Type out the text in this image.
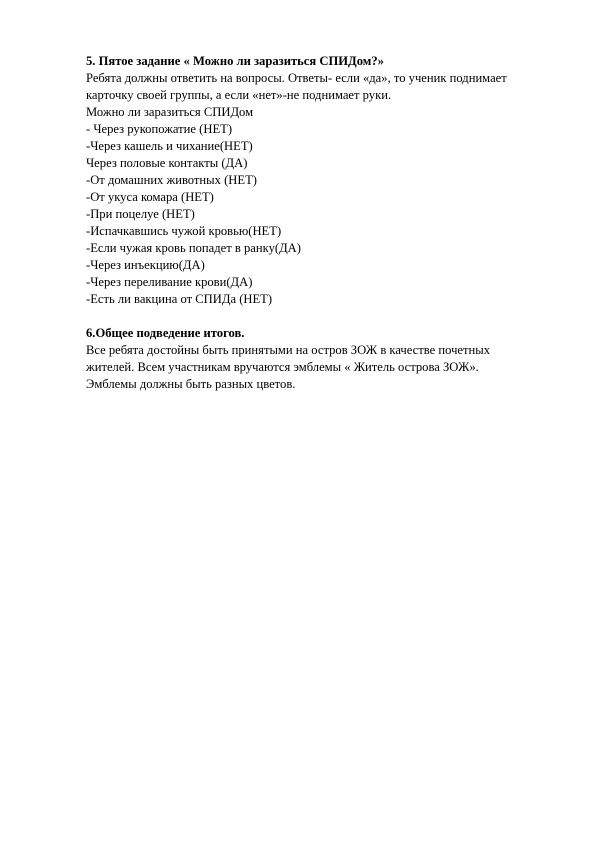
5. Пятое задание « Можно ли заразиться СПИДом?»
Ребята должны ответить на вопросы. Ответы- если «да», то ученик поднимает
карточку своей группы, а если «нет»-не поднимает руки.
Можно ли заразиться СПИДом
- Через рукопожатие (НЕТ)
-Через кашель и чихание(НЕТ)
Через половые контакты (ДА)
-От домашних животных (НЕТ)
-От укуса комара (НЕТ)
-При поцелуе (НЕТ)
-Испачкавшись чужой кровью(НЕТ)
-Если чужая кровь попадет в ранку(ДА)
-Через инъекцию(ДА)
-Через переливание крови(ДА)
-Есть ли вакцина от СПИДа (НЕТ)
6.Общее подведение итогов.
Все ребята достойны быть принятыми на остров ЗОЖ в качестве почетных
жителей. Всем участникам вручаются эмблемы « Житель острова ЗОЖ».
Эмблемы должны быть разных цветов.
